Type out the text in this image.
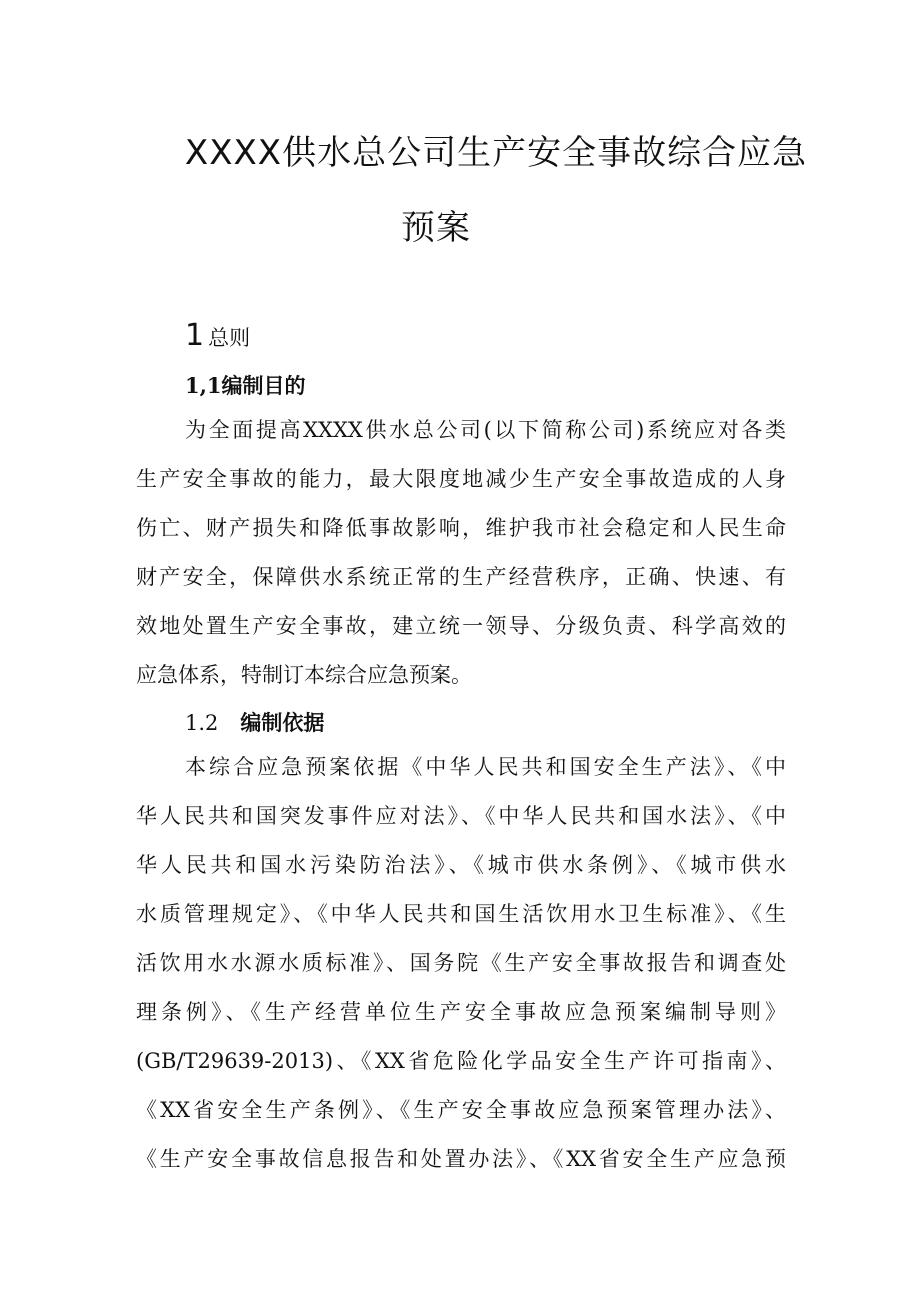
XXXX供水总公司生产安全事故综合应急
预案
1 总则
1,1编制目的
为全面提高XXXX供水总公司(以下简称公司)系统应对各类
生产安全事故的能力，最大限度地减少生产安全事故造成的人身
伤亡、财产损失和降低事故影响，维护我市社会稳定和人民生命
财产安全，保障供水系统正常的生产经营秩序，正确、快速、有
效地处置生产安全事故，建立统一领导、分级负责、科学高效的
应急体系，特制订本综合应急预案。
1.2 编制依据
本综合应急预案依据《中华人民共和国安全生产法》、《中
华人民共和国突发事件应对法》、《中华人民共和国水法》、《中
华人民共和国水污染防治法》、《城市供水条例》、《城市供水
水质管理规定》、《中华人民共和国生活饮用水卫生标准》、《生
活饮用水水源水质标准》、国务院《生产安全事故报告和调查处
理条例》、《生产经营单位生产安全事故应急预案编制导则》
(GB/T29639-2013)、《XX省危险化学品安全生产许可指南》、
《XX省安全生产条例》、《生产安全事故应急预案管理办法》、
《生产安全事故信息报告和处置办法》、《XX省安全生产应急预
